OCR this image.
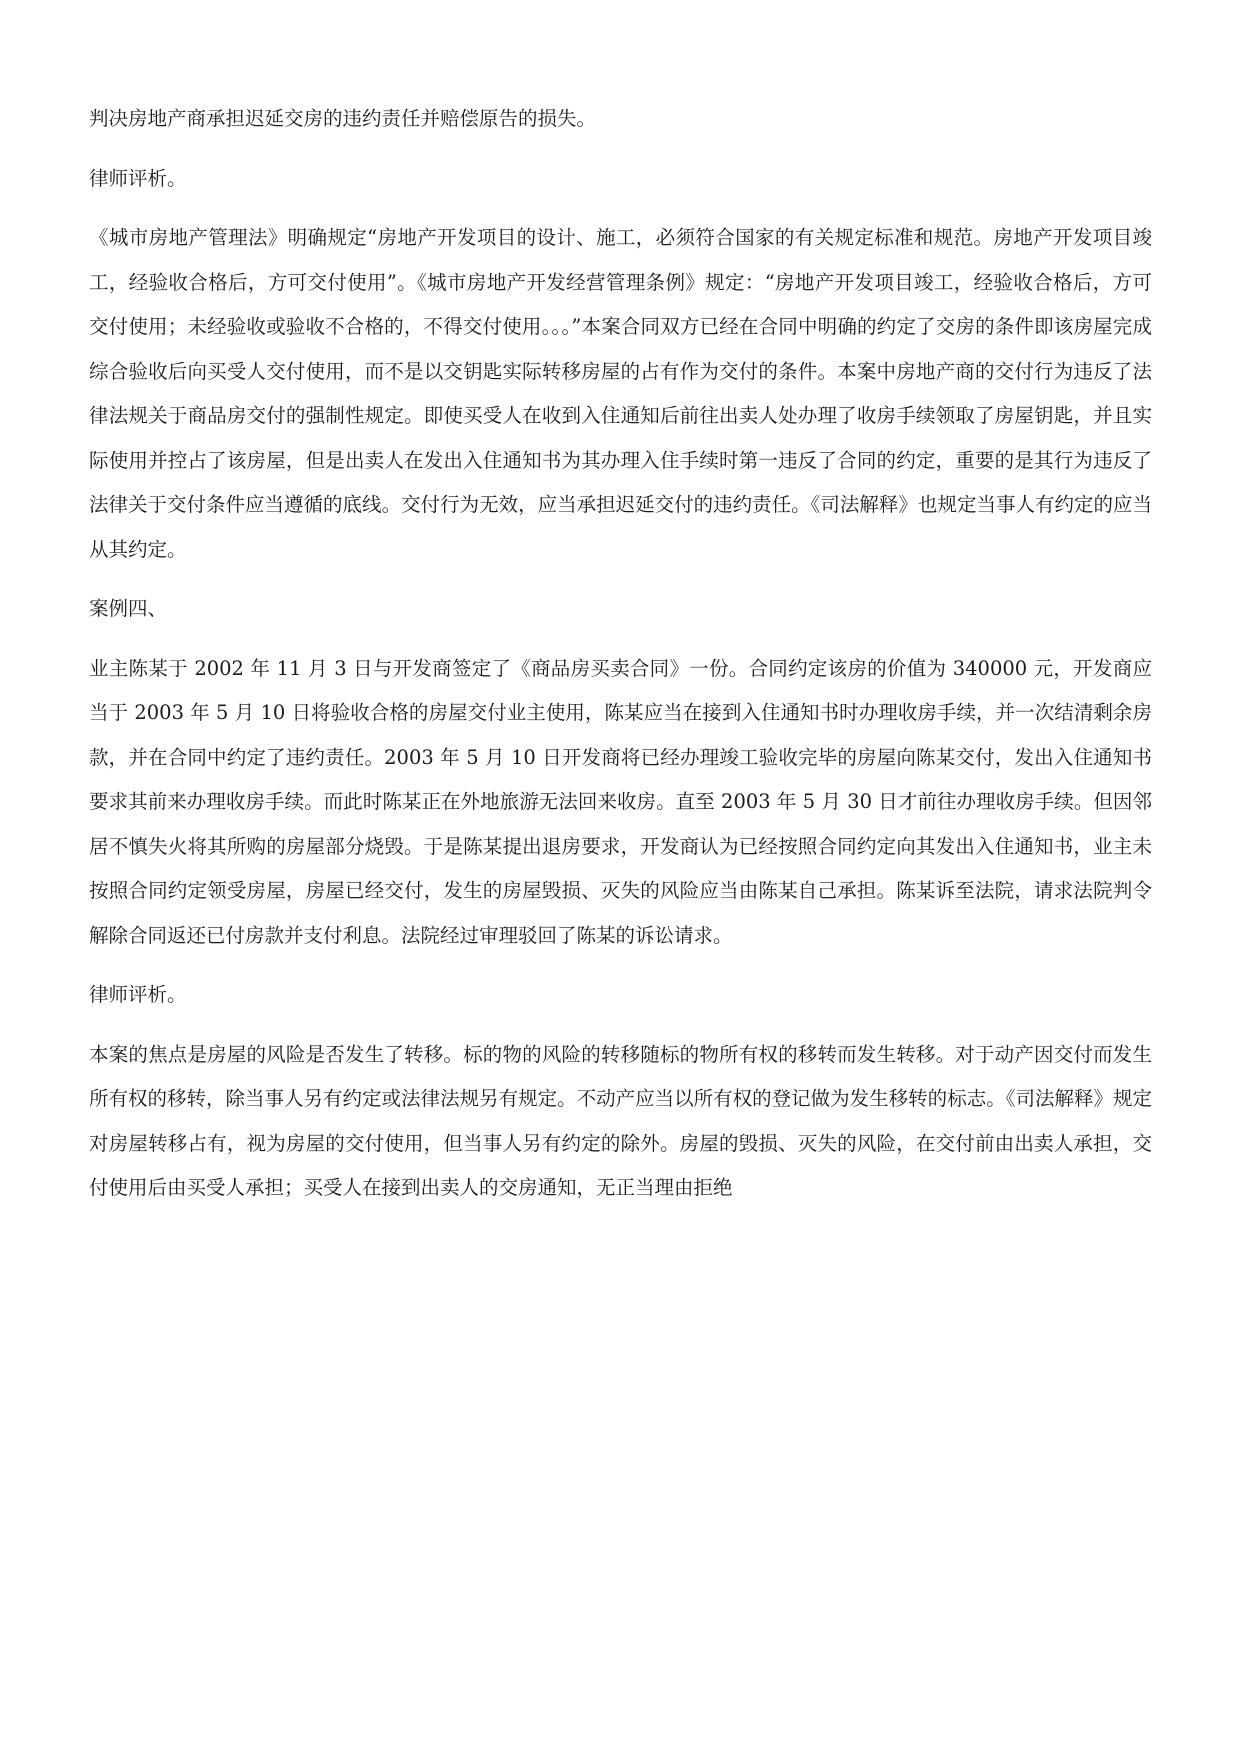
判决房地产商承担迟延交房的违约责任并赔偿原告的损失。

律师评析。

《城市房地产管理法》明确规定“房地产开发项目的设计、施工，必须符合国家的有关规定标准和规范。房地产开发项目竣工，经验收合格后，方可交付使用”。《城市房地产开发经营管理条例》规定：“房地产开发项目竣工，经验收合格后，方可交付使用；未经验收或验收不合格的，不得交付使用。。。”本案合同双方已经在合同中明确的约定了交房的条件即该房屋完成综合验收后向买受人交付使用，而不是以交钥匙实际转移房屋的占有作为交付的条件。本案中房地产商的交付行为违反了法律法规关于商品房交付的强制性规定。即使买受人在收到入住通知后前往出卖人处办理了收房手续领取了房屋钥匙，并且实际使用并控占了该房屋，但是出卖人在发出入住通知书为其办理入住手续时第一违反了合同的约定，重要的是其行为违反了法律关于交付条件应当遵循的底线。交付行为无效，应当承担迟延交付的违约责任。《司法解释》也规定当事人有约定的应当从其约定。

案例四、

业主陈某于 2002 年 11 月 3 日与开发商签定了《商品房买卖合同》一份。合同约定该房的价值为 340000 元，开发商应当于 2003 年 5 月 10 日将验收合格的房屋交付业主使用，陈某应当在接到入住通知书时办理收房手续，并一次结清剩余房款，并在合同中约定了违约责任。2003 年 5 月 10 日开发商将已经办理竣工验收完毕的房屋向陈某交付，发出入住通知书要求其前来办理收房手续。而此时陈某正在外地旅游无法回来收房。直至 2003 年 5 月 30 日才前往办理收房手续。但因邻居不慎失火将其所购的房屋部分烧毁。于是陈某提出退房要求，开发商认为已经按照合同约定向其发出入住通知书，业主未按照合同约定领受房屋，房屋已经交付，发生的房屋毁损、灭失的风险应当由陈某自己承担。陈某诉至法院，请求法院判令解除合同返还已付房款并支付利息。法院经过审理驳回了陈某的诉讼请求。

律师评析。

本案的焦点是房屋的风险是否发生了转移。标的物的风险的转移随标的物所有权的移转而发生转移。对于动产因交付而发生所有权的移转，除当事人另有约定或法律法规另有规定。不动产应当以所有权的登记做为发生移转的标志。《司法解释》规定对房屋转移占有，视为房屋的交付使用，但当事人另有约定的除外。房屋的毁损、灭失的风险，在交付前由出卖人承担，交付使用后由买受人承担；买受人在接到出卖人的交房通知，无正当理由拒绝
